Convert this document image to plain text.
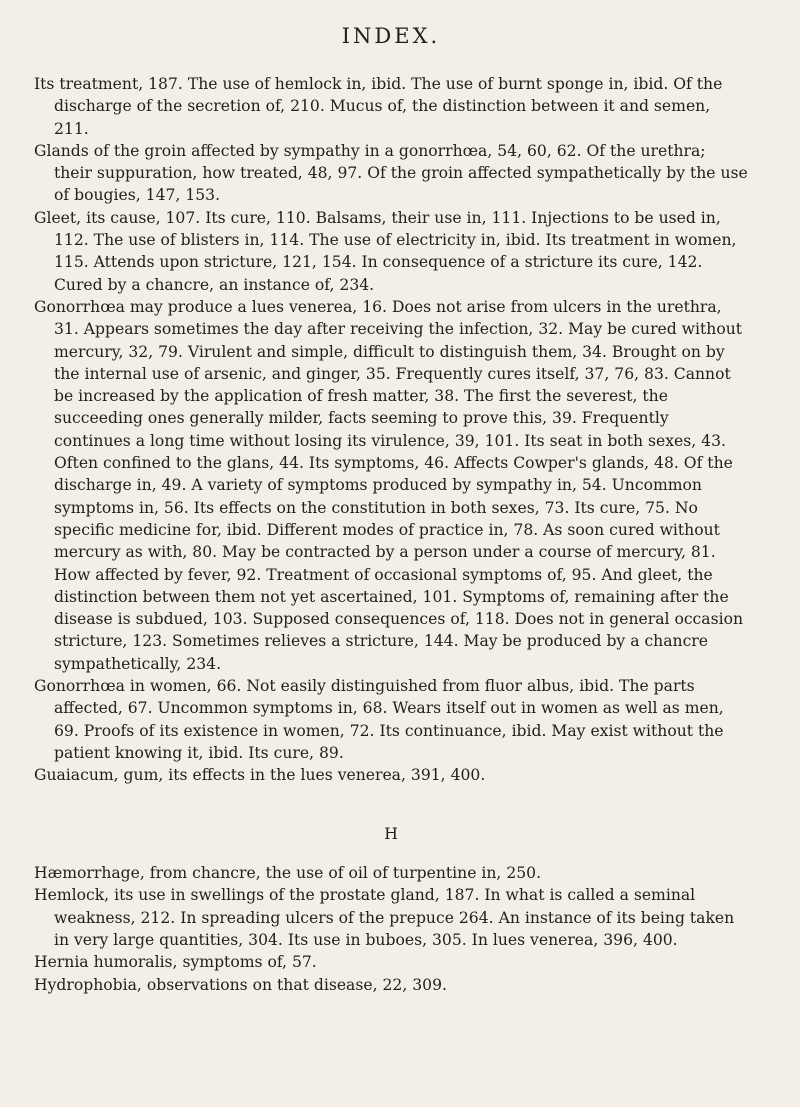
INDEX.

Its treatment, 187. The use of hemlock in, ibid. The use of burnt sponge in, ibid. Of the discharge of the secretion of, 210. Mucus of, the distinction between it and semen, 211.

Glands of the groin affected by sympathy in a gonorrhœa, 54, 60, 62. Of the urethra; their suppuration, how treated, 48, 97. Of the groin affected sympathetically by the use of bougies, 147, 153.

Gleet, its cause, 107. Its cure, 110. Balsams, their use in, 111. Injections to be used in, 112. The use of blisters in, 114. The use of electricity in, ibid. Its treatment in women, 115. Attends upon stricture, 121, 154. In consequence of a stricture its cure, 142. Cured by a chancre, an instance of, 234.

Gonorrhœa may produce a lues venerea, 16. Does not arise from ulcers in the urethra, 31. Appears sometimes the day after receiving the infection, 32. May be cured without mercury, 32, 79. Virulent and simple, difficult to distinguish them, 34. Brought on by the internal use of arsenic, and ginger, 35. Frequently cures itself, 37, 76, 83. Cannot be increased by the application of fresh matter, 38. The first the severest, the succeeding ones generally milder, facts seeming to prove this, 39. Frequently continues a long time without losing its virulence, 39, 101. Its seat in both sexes, 43. Often confined to the glans, 44. Its symptoms, 46. Affects Cowper's glands, 48. Of the discharge in, 49. A variety of symptoms produced by sympathy in, 54. Uncommon symptoms in, 56. Its effects on the constitution in both sexes, 73. Its cure, 75. No specific medicine for, ibid. Different modes of practice in, 78. As soon cured without mercury as with, 80. May be contracted by a person under a course of mercury, 81. How affected by fever, 92. Treatment of occasional symptoms of, 95. And gleet, the distinction between them not yet ascertained, 101. Symptoms of, remaining after the disease is subdued, 103. Supposed consequences of, 118. Does not in general occasion stricture, 123. Sometimes relieves a stricture, 144. May be produced by a chancre sympathetically, 234.

Gonorrhœa in women, 66. Not easily distinguished from fluor albus, ibid. The parts affected, 67. Uncommon symptoms in, 68. Wears itself out in women as well as men, 69. Proofs of its existence in women, 72. Its continuance, ibid. May exist without the patient knowing it, ibid. Its cure, 89.

Guaiacum, gum, its effects in the lues venerea, 391, 400.

H

Hæmorrhage, from chancre, the use of oil of turpentine in, 250.

Hemlock, its use in swellings of the prostate gland, 187. In what is called a seminal weakness, 212. In spreading ulcers of the prepuce 264. An instance of its being taken in very large quantities, 304. Its use in buboes, 305. In lues venerea, 396, 400.

Hernia humoralis, symptoms of, 57.

Hydrophobia, observations on that disease, 22, 309.
